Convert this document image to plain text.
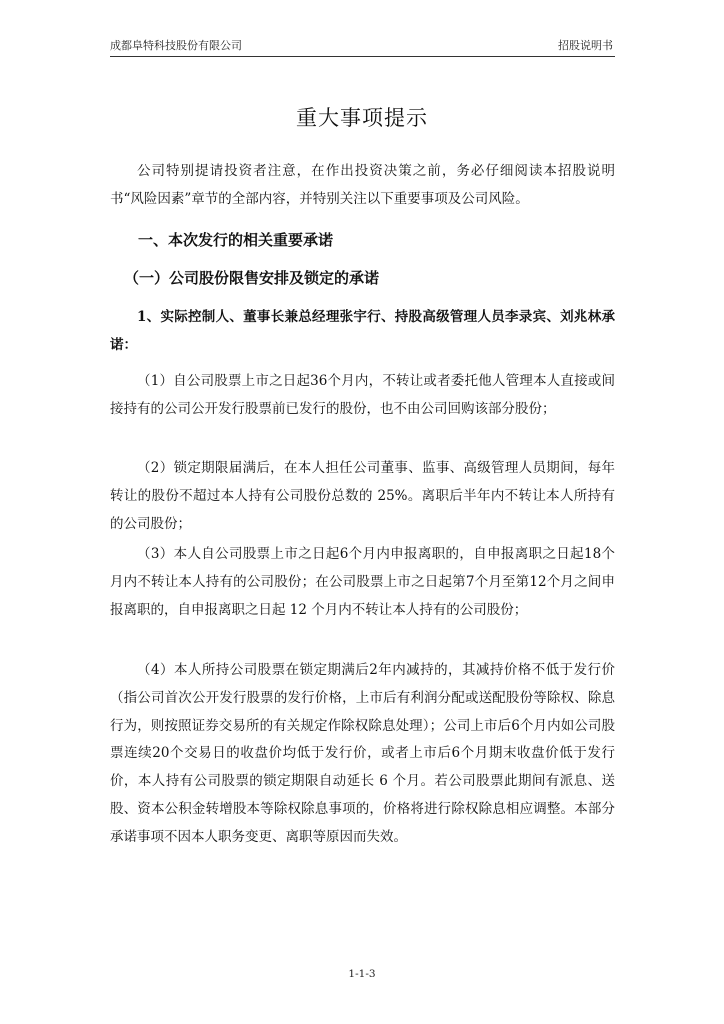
成都阜特科技股份有限公司	招股说明书
重大事项提示

公司特别提请投资者注意，在作出投资决策之前，务必仔细阅读本招股说明书“风险因素”章节的全部内容，并特别关注以下重要事项及公司风险。

一、本次发行的相关重要承诺
（一）公司股份限售安排及锁定的承诺

1、实际控制人、董事长兼总经理张宇行、持股高级管理人员李录宾、刘兆林承诺：

（1）自公司股票上市之日起36个月内，不转让或者委托他人管理本人直接或间接持有的公司公开发行股票前已发行的股份，也不由公司回购该部分股份；

（2）锁定期限届满后，在本人担任公司董事、监事、高级管理人员期间，每年转让的股份不超过本人持有公司股份总数的 25%。离职后半年内不转让本人所持有的公司股份；

（3）本人自公司股票上市之日起6个月内申报离职的，自申报离职之日起18个月内不转让本人持有的公司股份；在公司股票上市之日起第7个月至第12个月之间申报离职的，自申报离职之日起 12 个月内不转让本人持有的公司股份；

（4）本人所持公司股票在锁定期满后2年内减持的，其减持价格不低于发行价（指公司首次公开发行股票的发行价格，上市后有利润分配或送配股份等除权、除息行为，则按照证券交易所的有关规定作除权除息处理）；公司上市后6个月内如公司股票连续20个交易日的收盘价均低于发行价，或者上市后6个月期末收盘价低于发行价，本人持有公司股票的锁定期限自动延长 6 个月。若公司股票此期间有派息、送股、资本公积金转增股本等除权除息事项的，价格将进行除权除息相应调整。本部分承诺事项不因本人职务变更、离职等原因而失效。

1-1-3
